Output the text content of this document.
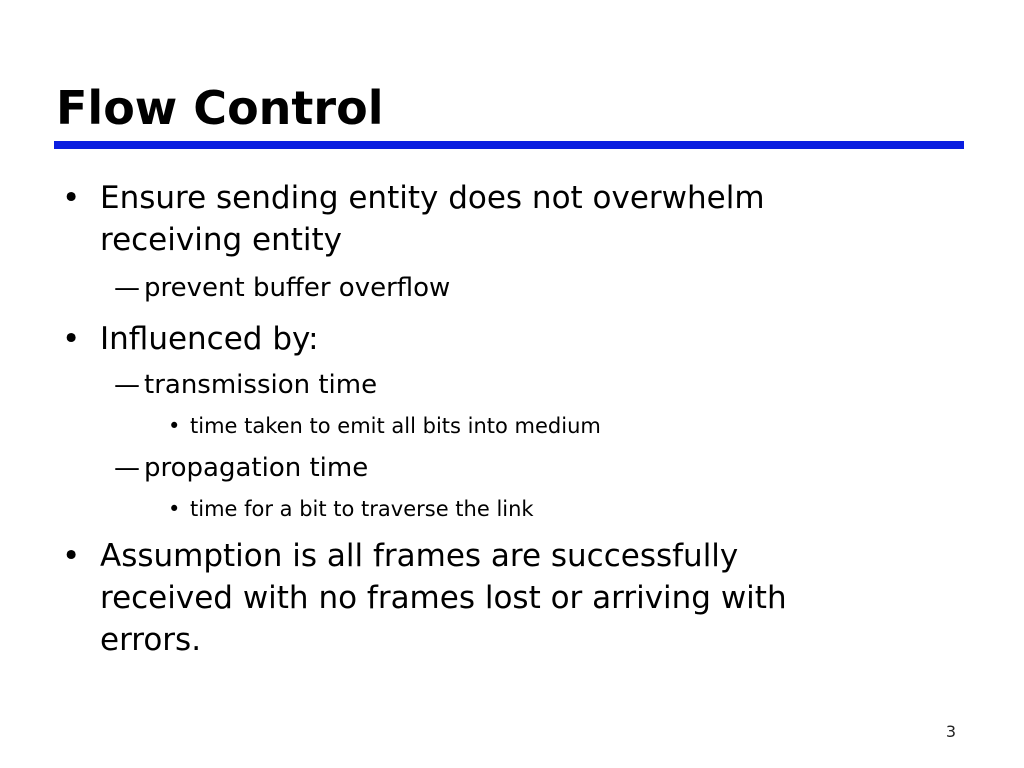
Flow Control
• Ensure sending entity does not overwhelm
receiving entity
— prevent buffer overflow
• Influenced by:
— transmission time
• time taken to emit all bits into medium
— propagation time
• time for a bit to traverse the link
• Assumption is all frames are successfully
received with no frames lost or arriving with
errors.
3
